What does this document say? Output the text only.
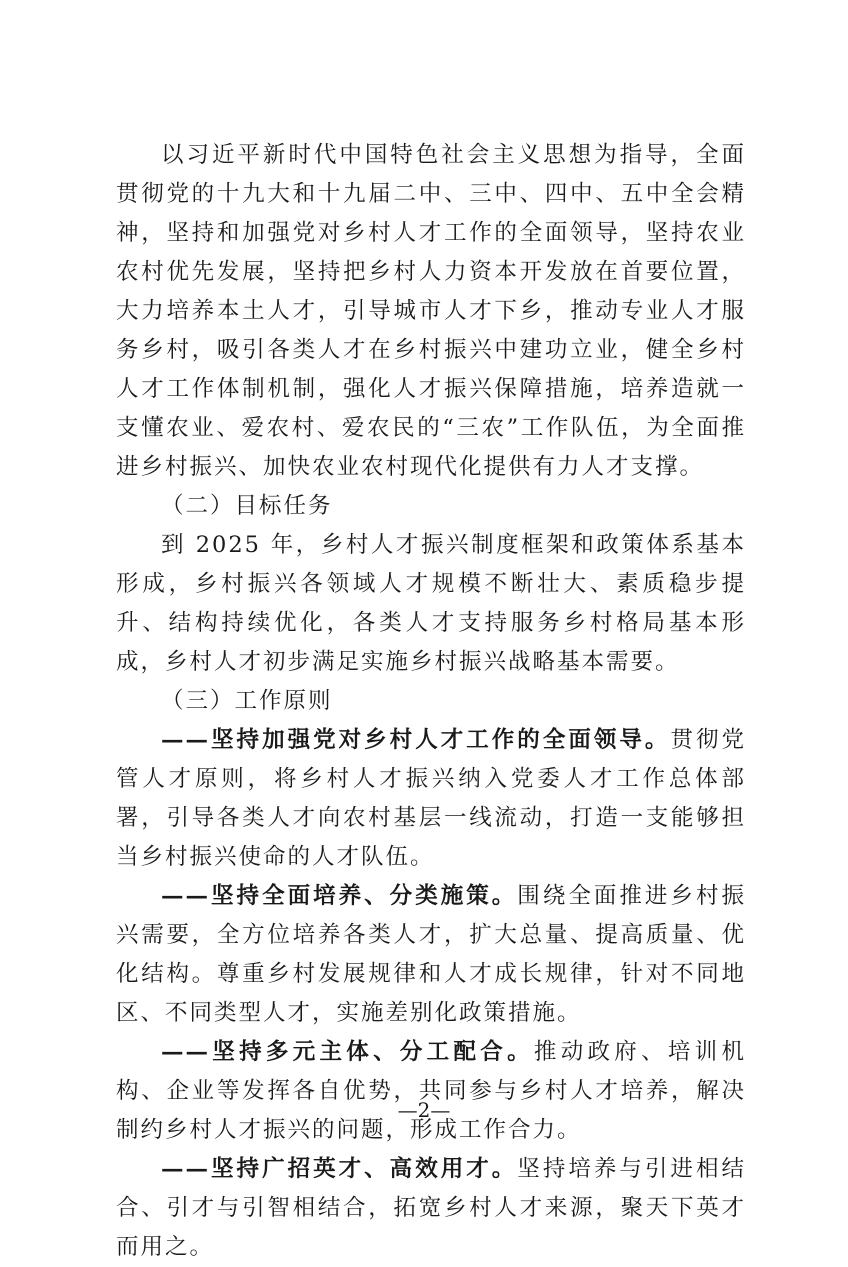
以习近平新时代中国特色社会主义思想为指导，全面贯彻党的十九大和十九届二中、三中、四中、五中全会精神，坚持和加强党对乡村人才工作的全面领导，坚持农业农村优先发展，坚持把乡村人力资本开发放在首要位置，大力培养本土人才，引导城市人才下乡，推动专业人才服务乡村，吸引各类人才在乡村振兴中建功立业，健全乡村人才工作体制机制，强化人才振兴保障措施，培养造就一支懂农业、爱农村、爱农民的“三农”工作队伍，为全面推进乡村振兴、加快农业农村现代化提供有力人才支撑。

（二）目标任务

到 2025 年，乡村人才振兴制度框架和政策体系基本形成，乡村振兴各领域人才规模不断壮大、素质稳步提升、结构持续优化，各类人才支持服务乡村格局基本形成，乡村人才初步满足实施乡村振兴战略基本需要。

（三）工作原则

——坚持加强党对乡村人才工作的全面领导。贯彻党管人才原则，将乡村人才振兴纳入党委人才工作总体部署，引导各类人才向农村基层一线流动，打造一支能够担当乡村振兴使命的人才队伍。

——坚持全面培养、分类施策。围绕全面推进乡村振兴需要，全方位培养各类人才，扩大总量、提高质量、优化结构。尊重乡村发展规律和人才成长规律，针对不同地区、不同类型人才，实施差别化政策措施。

——坚持多元主体、分工配合。推动政府、培训机构、企业等发挥各自优势，共同参与乡村人才培养，解决制约乡村人才振兴的问题，形成工作合力。

——坚持广招英才、高效用才。坚持培养与引进相结合、引才与引智相结合，拓宽乡村人才来源，聚天下英才而用之。

—2—
